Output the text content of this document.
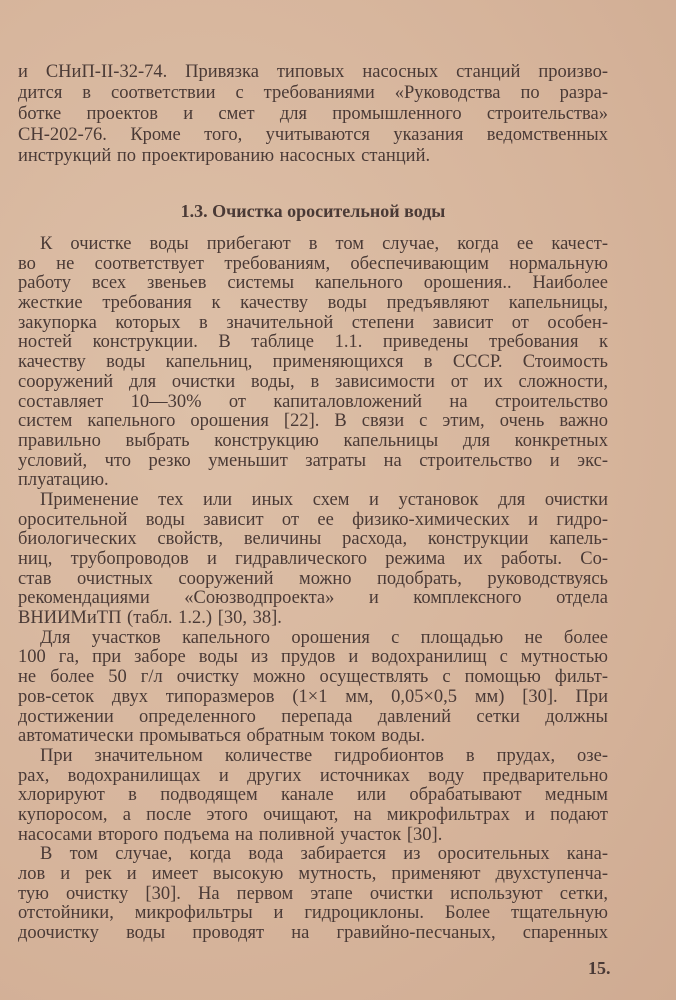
и СНиП-II-32-74. Привязка типовых насосных станций произво-
дится в соответствии с требованиями «Руководства по разра-
ботке проектов и смет для промышленного строительства»
СН-202-76. Кроме того, учитываются указания ведомственных
инструкций по проектированию насосных станций.
1.3. Очистка оросительной воды
К очистке воды прибегают в том случае, когда ее качест-
во не соответствует требованиям, обеспечивающим нормальную
работу всех звеньев системы капельного орошения.. Наиболее
жесткие требования к качеству воды предъявляют капельницы,
закупорка которых в значительной степени зависит от особен-
ностей конструкции. В таблице 1.1. приведены требования к
качеству воды капельниц, применяющихся в СССР. Стоимость
сооружений для очистки воды, в зависимости от их сложности,
составляет 10—30% от капиталовложений на строительство
систем капельного орошения [22]. В связи с этим, очень важно
правильно выбрать конструкцию капельницы для конкретных
условий, что резко уменьшит затраты на строительство и экс-
плуатацию.
Применение тех или иных схем и установок для очистки
оросительной воды зависит от ее физико-химических и гидро-
биологических свойств, величины расхода, конструкции капель-
ниц, трубопроводов и гидравлического режима их работы. Со-
став очистных сооружений можно подобрать, руководствуясь
рекомендациями «Союзводпроекта» и комплексного отдела
ВНИИМиТП (табл. 1.2.) [30, 38].
Для участков капельного орошения с площадью не более
100 га, при заборе воды из прудов и водохранилищ с мутностью
не более 50 г/л очистку можно осуществлять с помощью фильт-
ров-сеток двух типоразмеров (1×1 мм, 0,05×0,5 мм) [30]. При
достижении определенного перепада давлений сетки должны
автоматически промываться обратным током воды.
При значительном количестве гидробионтов в прудах, озе-
рах, водохранилищах и других источниках воду предварительно
хлорируют в подводящем канале или обрабатывают медным
купоросом, а после этого очищают, на микрофильтрах и подают
насосами второго подъема на поливной участок [30].
В том случае, когда вода забирается из оросительных кана-
лов и рек и имеет высокую мутность, применяют двухступенча-
тую очистку [30]. На первом этапе очистки используют сетки,
отстойники, микрофильтры и гидроциклоны. Более тщательную
доочистку воды проводят на гравийно-песчаных, спаренных
15.
